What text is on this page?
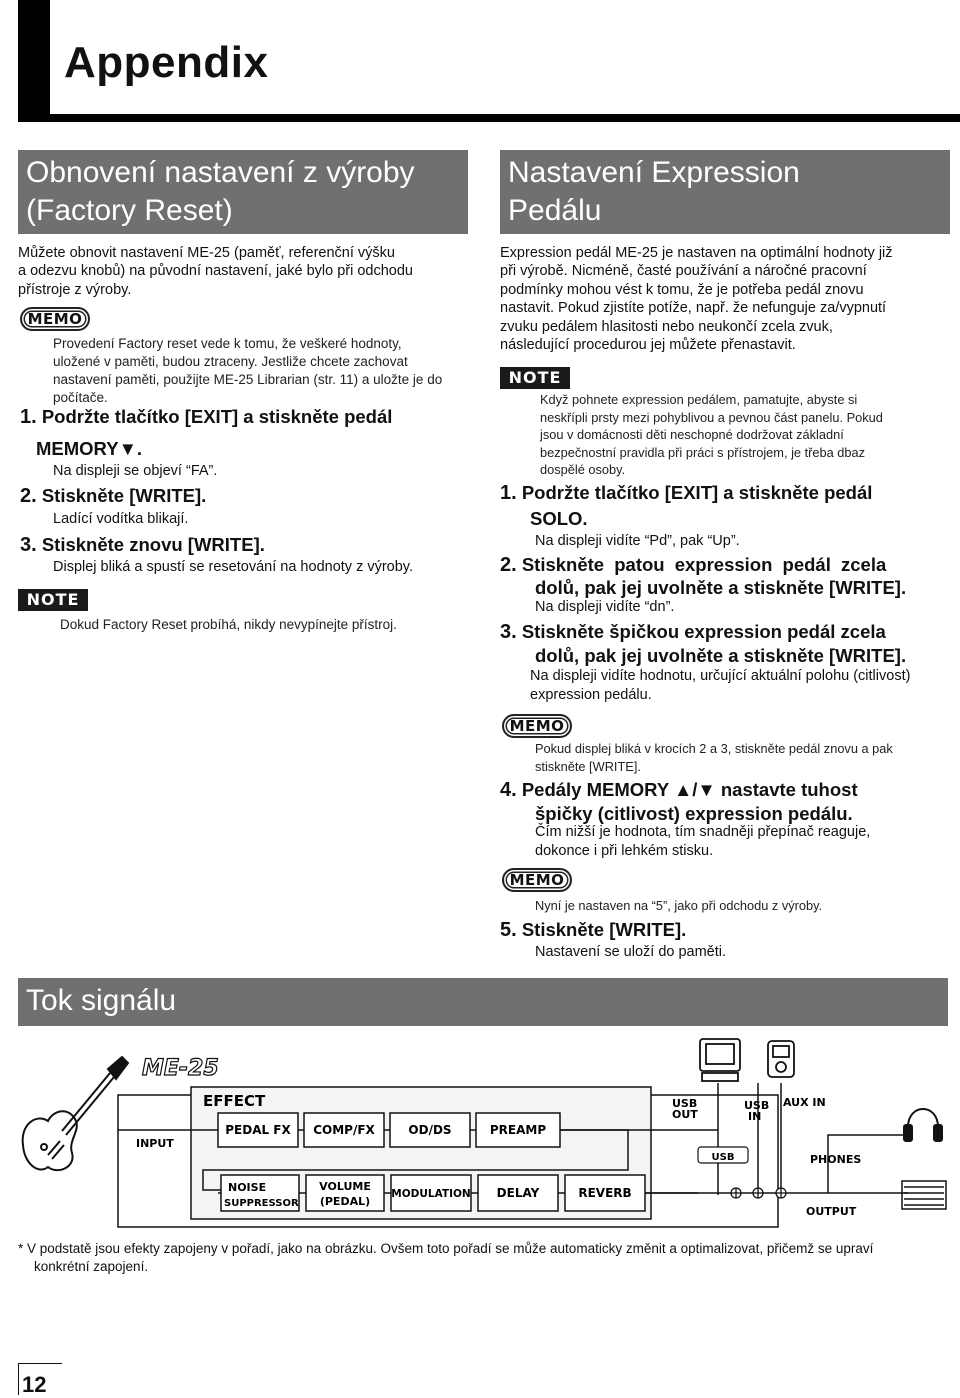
Appendix
Obnovení nastavení z výroby
(Factory Reset)
Můžete obnovit nastavení ME-25 (paměť, referenční výšku
a odezvu knobů) na původní nastavení, jaké bylo při odchodu
přístroje z výroby.
MEMO
Provedení Factory reset vede k tomu, že veškeré hodnoty,
uložené v paměti, budou ztraceny. Jestliže chcete zachovat
nastavení paměti, použijte ME-25 Librarian (str. 11) a uložte je do
počítače.
1. Podržte tlačítko [EXIT] a stiskněte pedál
MEMORY▼.
Na displeji se objeví “FA”.
2. Stiskněte [WRITE].
Ladící vodítka blikají.
3. Stiskněte znovu [WRITE].
Displej bliká a spustí se resetování na hodnoty z výroby.
NOTE
Dokud Factory Reset probíhá, nikdy nevypínejte přístroj.
Nastavení Expression
Pedálu
Expression pedál ME-25 je nastaven na optimální hodnoty již
při výrobě. Nicméně, časté používání a náročné pracovní
podmínky mohou vést k tomu, že je potřeba pedál znovu
nastavit. Pokud zjistíte potíže, např. že nefunguje za/vypnutí
zvuku pedálem hlasitosti nebo neukončí zcela zvuk,
následující procedurou jej můžete přenastavit.
NOTE
Když pohnete expression pedálem, pamatujte, abyste si
neskřípli prsty mezi pohyblivou a pevnou část panelu. Pokud
jsou v domácnosti děti neschopné dodržovat základní
bezpečnostní pravidla při práci s přístrojem, je třeba dbaz
dospělé osoby.
1. Podržte tlačítko [EXIT] a stiskněte pedál
SOLO.
Na displeji vidíte “Pd”, pak “Up”.
2. Stiskněte patou expression pedál zcela
dolů, pak jej uvolněte a stiskněte [WRITE].
Na displeji vidíte “dn”.
3. Stiskněte špičkou expression pedál zcela
dolů, pak jej uvolněte a stiskněte [WRITE].
Na displeji vidíte hodnotu, určující aktuální polohu (citlivost)
expression pedálu.
MEMO
Pokud displej bliká v krocích 2 a 3, stiskněte pedál znovu a pak
stiskněte [WRITE].
4. Pedály MEMORY ▲/▼ nastavte tuhost
špičky (citlivost) expression pedálu.
Čím nižší je hodnota, tím snadněji přepínač reaguje,
dokonce i při lehkém stisku.
MEMO
Nyní je nastaven na “5”, jako při odchodu z výroby.
5. Stiskněte [WRITE].
Nastavení se uloží do paměti.
Tok signálu
ME-25
EFFECT
INPUT
PEDAL FX COMP/FX	OD/DS	PREAMP
NOISE
SUPPRESSOR
VOLUME
(PEDAL)
MODULATION DELAY	REVERB
USB
OUT
USB
IN
AUX IN
USB	PHONES
OUTPUT
* V podstatě jsou efekty zapojeny v pořadí, jako na obrázku. Ovšem toto pořadí se může automaticky změnit a optimalizovat, přičemž se upraví
konkrétní zapojení.
12
